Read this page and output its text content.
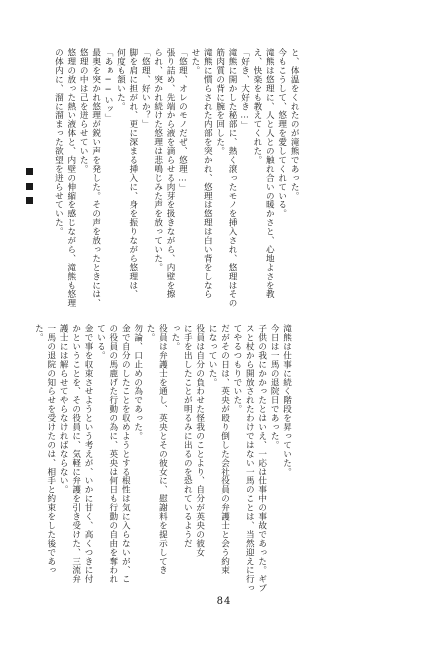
と、体温をくれたのが滝熊であった。
今もこうして、悠理を愛してくれている。
滝熊は悠理に、人と人との触れ合いの暖かさと、心地よさを教
え、快楽をも教えてくれた。
「好き、大好き…」
滝熊に開かした秘部に、熱く滾ったモノを挿入され、悠理はその
筋肉質の背に腕を回した。
滝熊に慣らされた内部を突かれ、悠理は悠理は白い背をしなら
せた。
「悠理、オレのモノだぜ、悠理…」
張り詰め、先端から液を滴らせる肉芽を扱きながら、内壁を擦
られ、突かれ続けた悠理は悲鳴じみた声を放っていた。
「悠理、好いか？」
脚を肩に担がれ、更に深まる挿入に、身を振りながら悠理は、
何度も頷いた。
「あぁ──いッ」
最奥を突かれ悠理が鋭い声を発した。その声を放ったときには、
悠理の中は己を迸らせていた。
悠理の放った熱い液体と、内壁の伸縮を感じながら、滝熊も悠理
の体内に、溜に溜まった欲望を迸らせていた。
滝熊は仕事に続く階段を昇っていた。
今日は一馬の退院日であった。
子供の我にかかったとはいえ、一応は仕事中の事故であった。ギブ
スと杖から開放されたわけではない一馬のことは、当然迎えに行っ
てやるつもりでいた。
だがその日は、英央が殴り倒した会社役員の弁護士と会う約束
になっていた。
役員は自分の負わせた怪我のことより、自分が英央の彼女
に手を出したことが明るみに出るのを恐れているようだ
った。
役員は弁護士を通し、英央とその彼女に、慰謝料を提示してき
た。
勿論、口止めの為であった。
金で自分のしたことを収めようとする根性は気に入らないが、こ
の役員の馬鹿げた行動の為に、英央は何日も行動の自由を奪われ
ている。
金で事を収束させようという考えが、いかに甘く、高くつきに付
かということを、その役員に、気軽に弁護を引き受けた、三流弁
護士には解らせてやらなければならない。
一馬の退院の知らせを受けたのは、相手と約束をした後であっ
た。
84
